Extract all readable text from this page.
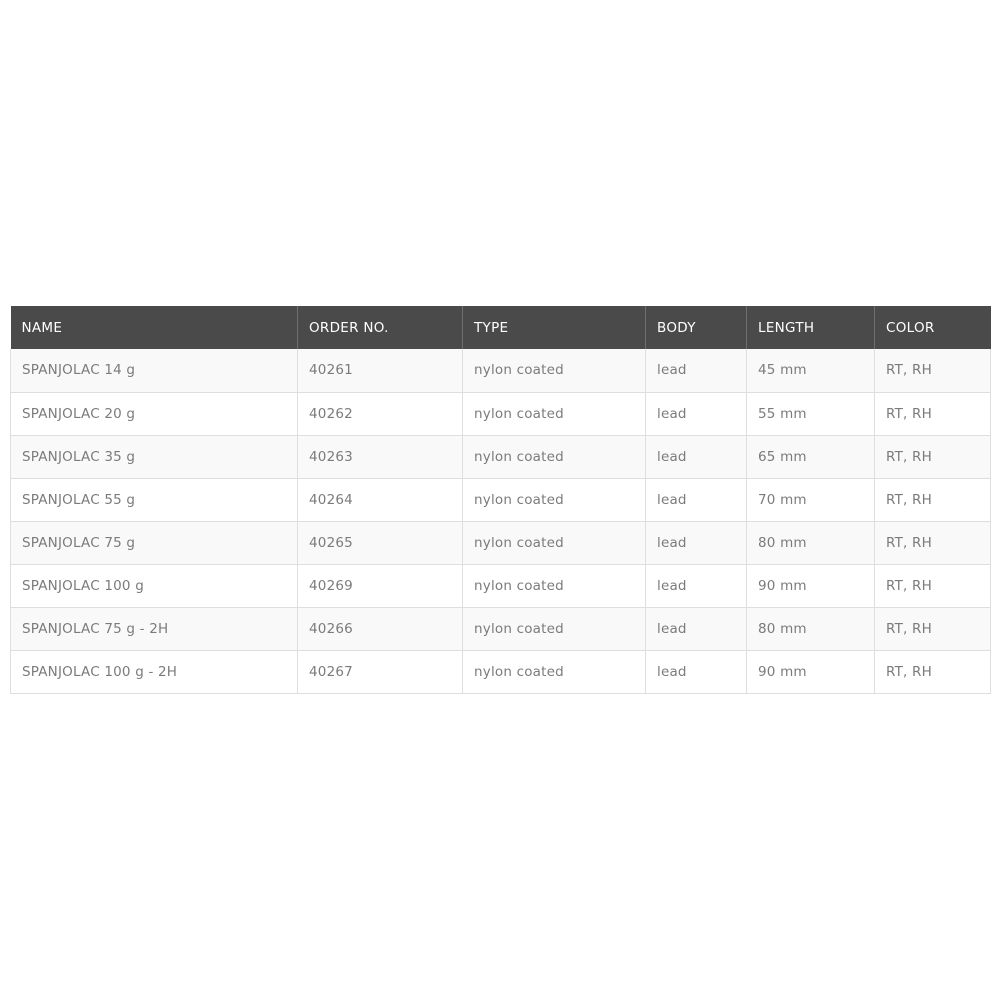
NAME	ORDER NO.	TYPE	BODY	LENGTH	COLOR
SPANJOLAC 14 g	40261	nylon coated	lead	45 mm	RT, RH
SPANJOLAC 20 g	40262	nylon coated	lead	55 mm	RT, RH
SPANJOLAC 35 g	40263	nylon coated	lead	65 mm	RT, RH
SPANJOLAC 55 g	40264	nylon coated	lead	70 mm	RT, RH
SPANJOLAC 75 g	40265	nylon coated	lead	80 mm	RT, RH
SPANJOLAC 100 g	40269	nylon coated	lead	90 mm	RT, RH
SPANJOLAC 75 g - 2H	40266	nylon coated	lead	80 mm	RT, RH
SPANJOLAC 100 g - 2H	40267	nylon coated	lead	90 mm	RT, RH
